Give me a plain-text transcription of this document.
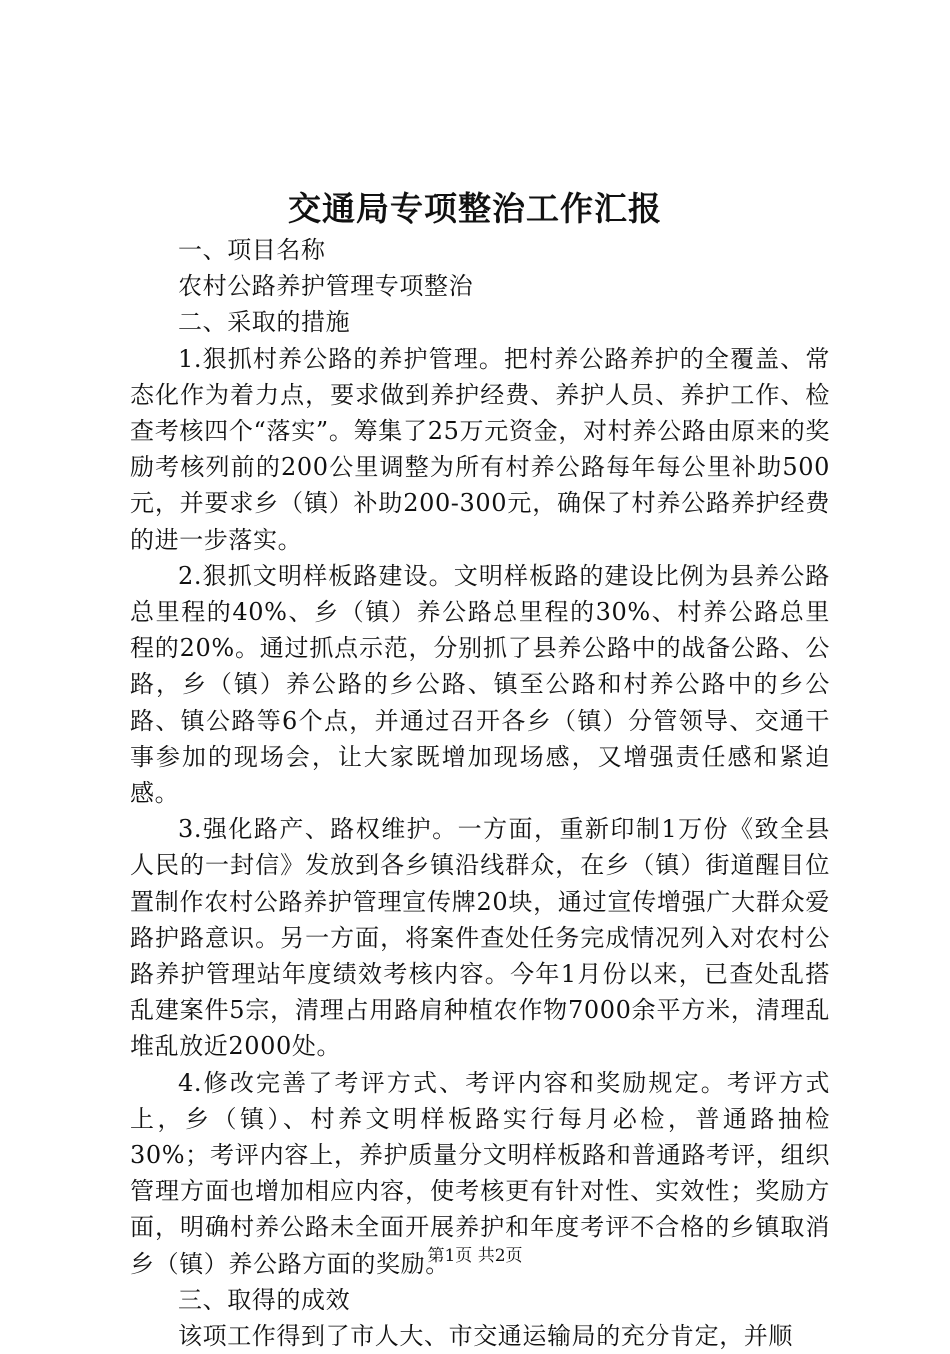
交通局专项整治工作汇报

一、项目名称

农村公路养护管理专项整治

二、采取的措施

1.狠抓村养公路的养护管理。把村养公路养护的全覆盖、常态化作为着力点，要求做到养护经费、养护人员、养护工作、检查考核四个“落实”。筹集了25万元资金，对村养公路由原来的奖励考核列前的200公里调整为所有村养公路每年每公里补助500元，并要求乡（镇）补助200-300元，确保了村养公路养护经费的进一步落实。

2.狠抓文明样板路建设。文明样板路的建设比例为县养公路总里程的40%、乡（镇）养公路总里程的30%、村养公路总里程的20%。通过抓点示范，分别抓了县养公路中的战备公路、公路，乡（镇）养公路的乡公路、镇至公路和村养公路中的乡公路、镇公路等6个点，并通过召开各乡（镇）分管领导、交通干事参加的现场会，让大家既增加现场感，又增强责任感和紧迫感。

3.强化路产、路权维护。一方面，重新印制1万份《致全县人民的一封信》发放到各乡镇沿线群众，在乡（镇）街道醒目位置制作农村公路养护管理宣传牌20块，通过宣传增强广大群众爱路护路意识。另一方面，将案件查处任务完成情况列入对农村公路养护管理站年度绩效考核内容。今年1月份以来，已查处乱搭乱建案件5宗，清理占用路肩种植农作物7000余平方米，清理乱堆乱放近2000处。

4.修改完善了考评方式、考评内容和奖励规定。考评方式上，乡（镇）、村养文明样板路实行每月必检，普通路抽检30%；考评内容上，养护质量分文明样板路和普通路考评，组织管理方面也增加相应内容，使考核更有针对性、实效性；奖励方面，明确村养公路未全面开展养护和年度考评不合格的乡镇取消乡（镇）养公路方面的奖励。

三、取得的成效

该项工作得到了市人大、市交通运输局的充分肯定，并顺

第1页 共2页
